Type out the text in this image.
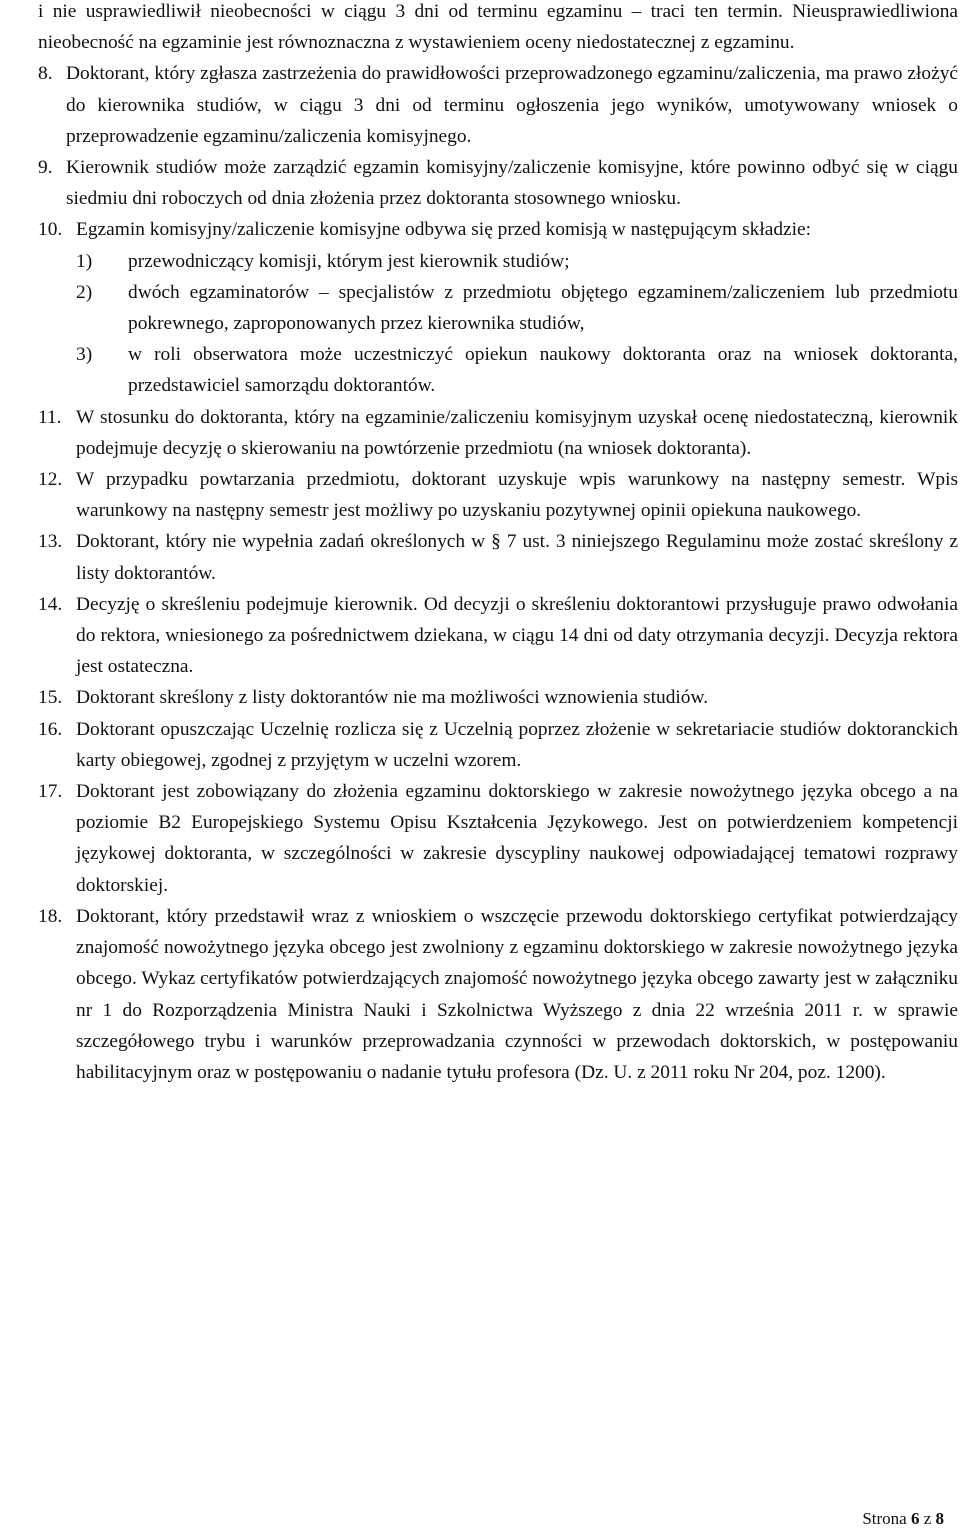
i nie usprawiedliwił nieobecności w ciągu 3 dni od terminu egzaminu – traci ten termin. Nieusprawiedliwiona nieobecność na egzaminie jest równoznaczna z wystawieniem oceny niedostatecznej z egzaminu.
8. Doktorant, który zgłasza zastrzeżenia do prawidłowości przeprowadzonego egzaminu/zaliczenia, ma prawo złożyć do kierownika studiów, w ciągu 3 dni od terminu ogłoszenia jego wyników, umotywowany wniosek o przeprowadzenie egzaminu/zaliczenia komisyjnego.
9. Kierownik studiów może zarządzić egzamin komisyjny/zaliczenie komisyjne, które powinno odbyć się w ciągu siedmiu dni roboczych od dnia złożenia przez doktoranta stosownego wniosku.
10. Egzamin komisyjny/zaliczenie komisyjne odbywa się przed komisją w następującym składzie:
1)	przewodniczący komisji, którym jest kierownik studiów;
2)	dwóch egzaminatorów – specjalistów z przedmiotu objętego egzaminem/zaliczeniem lub przedmiotu pokrewnego, zaproponowanych przez kierownika studiów,
3)	w roli obserwatora może uczestniczyć opiekun naukowy doktoranta oraz na wniosek doktoranta, przedstawiciel samorządu doktorantów.
11. W stosunku do doktoranta, który na egzaminie/zaliczeniu komisyjnym uzyskał ocenę niedostateczną, kierownik podejmuje decyzję o skierowaniu na powtórzenie przedmiotu (na wniosek doktoranta).
12. W przypadku powtarzania przedmiotu, doktorant uzyskuje wpis warunkowy na następny semestr. Wpis warunkowy na następny semestr jest możliwy po uzyskaniu pozytywnej opinii opiekuna naukowego.
13. Doktorant, który nie wypełnia zadań określonych w § 7 ust. 3 niniejszego Regulaminu może zostać skreślony z listy doktorantów.
14. Decyzję o skreśleniu podejmuje kierownik. Od decyzji o skreśleniu doktorantowi przysługuje prawo odwołania do rektora, wniesionego za pośrednictwem dziekana, w ciągu 14 dni od daty otrzymania decyzji. Decyzja rektora jest ostateczna.
15. Doktorant skreślony z listy doktorantów nie ma możliwości wznowienia studiów.
16. Doktorant opuszczając Uczelnię rozlicza się z Uczelnią poprzez złożenie w sekretariacie studiów doktoranckich karty obiegowej, zgodnej z przyjętym w uczelni wzorem.
17. Doktorant jest zobowiązany do złożenia egzaminu doktorskiego w zakresie nowożytnego języka obcego a na poziomie B2 Europejskiego Systemu Opisu Kształcenia Językowego. Jest on potwierdzeniem kompetencji językowej doktoranta, w szczególności w zakresie dyscypliny naukowej odpowiadającej tematowi rozprawy doktorskiej.
18. Doktorant, który przedstawił wraz z wnioskiem o wszczęcie przewodu doktorskiego certyfikat potwierdzający znajomość nowożytnego języka obcego jest zwolniony z egzaminu doktorskiego w zakresie nowożytnego języka obcego. Wykaz certyfikatów potwierdzających znajomość nowożytnego języka obcego zawarty jest w załączniku nr 1 do Rozporządzenia Ministra Nauki i Szkolnictwa Wyższego z dnia 22 września 2011 r. w sprawie szczegółowego trybu i warunków przeprowadzania czynności w przewodach doktorskich, w postępowaniu habilitacyjnym oraz w postępowaniu o nadanie tytułu profesora (Dz. U. z 2011 roku Nr 204, poz. 1200).
Strona 6 z 8
